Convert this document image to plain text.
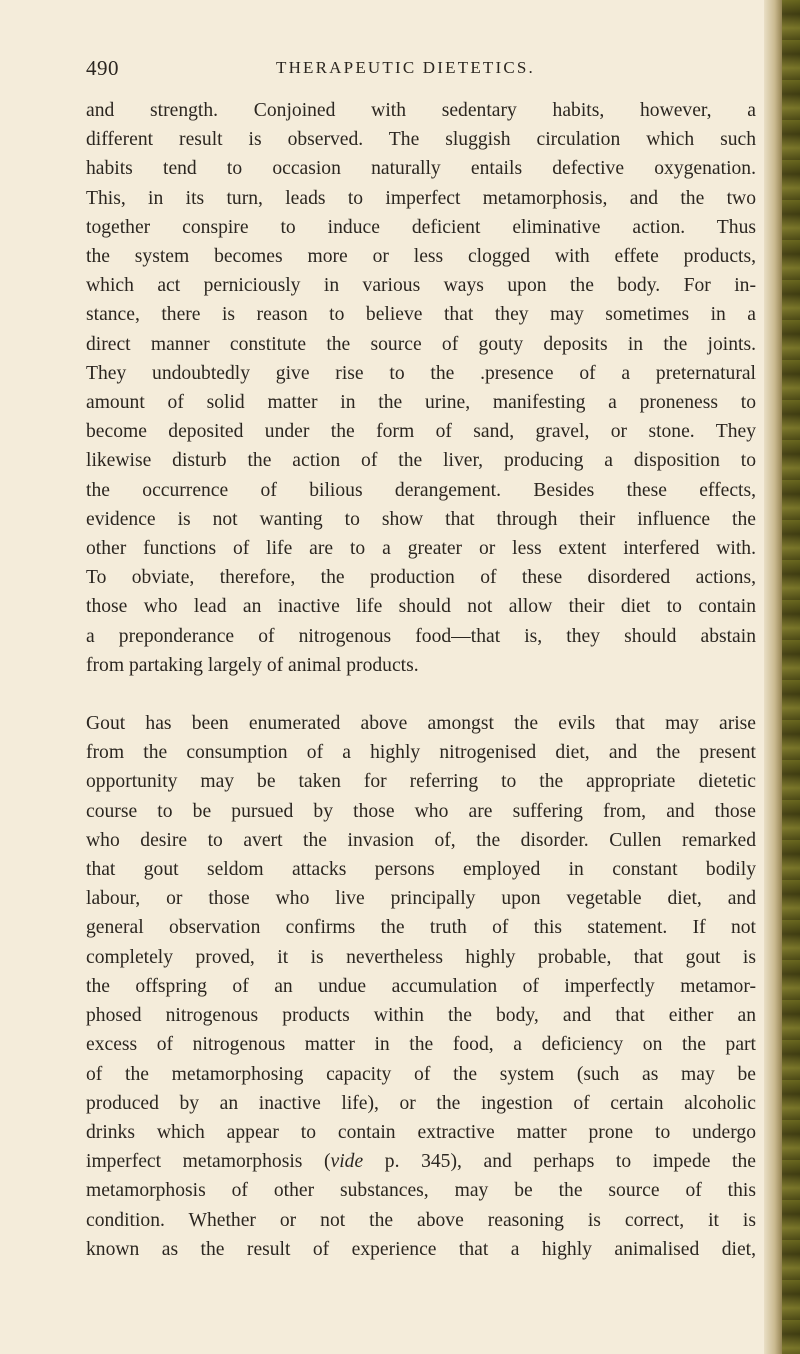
490	THERAPEUTIC DIETETICS.
and strength. Conjoined with sedentary habits, however, a
different result is observed. The sluggish circulation which such
habits tend to occasion naturally entails defective oxygenation.
This, in its turn, leads to imperfect metamorphosis, and the two
together conspire to induce deficient eliminative action. Thus
the system becomes more or less clogged with effete products,
which act perniciously in various ways upon the body. For in-
stance, there is reason to believe that they may sometimes in a
direct manner constitute the source of gouty deposits in the joints.
They undoubtedly give rise to the .presence of a preternatural
amount of solid matter in the urine, manifesting a proneness to
become deposited under the form of sand, gravel, or stone. They
likewise disturb the action of the liver, producing a disposition to
the occurrence of bilious derangement. Besides these effects,
evidence is not wanting to show that through their influence the
other functions of life are to a greater or less extent interfered with.
To obviate, therefore, the production of these disordered actions,
those who lead an inactive life should not allow their diet to contain
a preponderance of nitrogenous food—that is, they should abstain
from partaking largely of animal products.
Gout has been enumerated above amongst the evils that may arise
from the consumption of a highly nitrogenised diet, and the present
opportunity may be taken for referring to the appropriate dietetic
course to be pursued by those who are suffering from, and those
who desire to avert the invasion of, the disorder. Cullen remarked
that gout seldom attacks persons employed in constant bodily
labour, or those who live principally upon vegetable diet, and
general observation confirms the truth of this statement. If not
completely proved, it is nevertheless highly probable, that gout is
the offspring of an undue accumulation of imperfectly metamor-
phosed nitrogenous products within the body, and that either an
excess of nitrogenous matter in the food, a deficiency on the part
of the metamorphosing capacity of the system (such as may be
produced by an inactive life), or the ingestion of certain alcoholic
drinks which appear to contain extractive matter prone to undergo
imperfect metamorphosis (vide p. 345), and perhaps to impede the
metamorphosis of other substances, may be the source of this
condition. Whether or not the above reasoning is correct, it is
known as the result of experience that a highly animalised diet,
